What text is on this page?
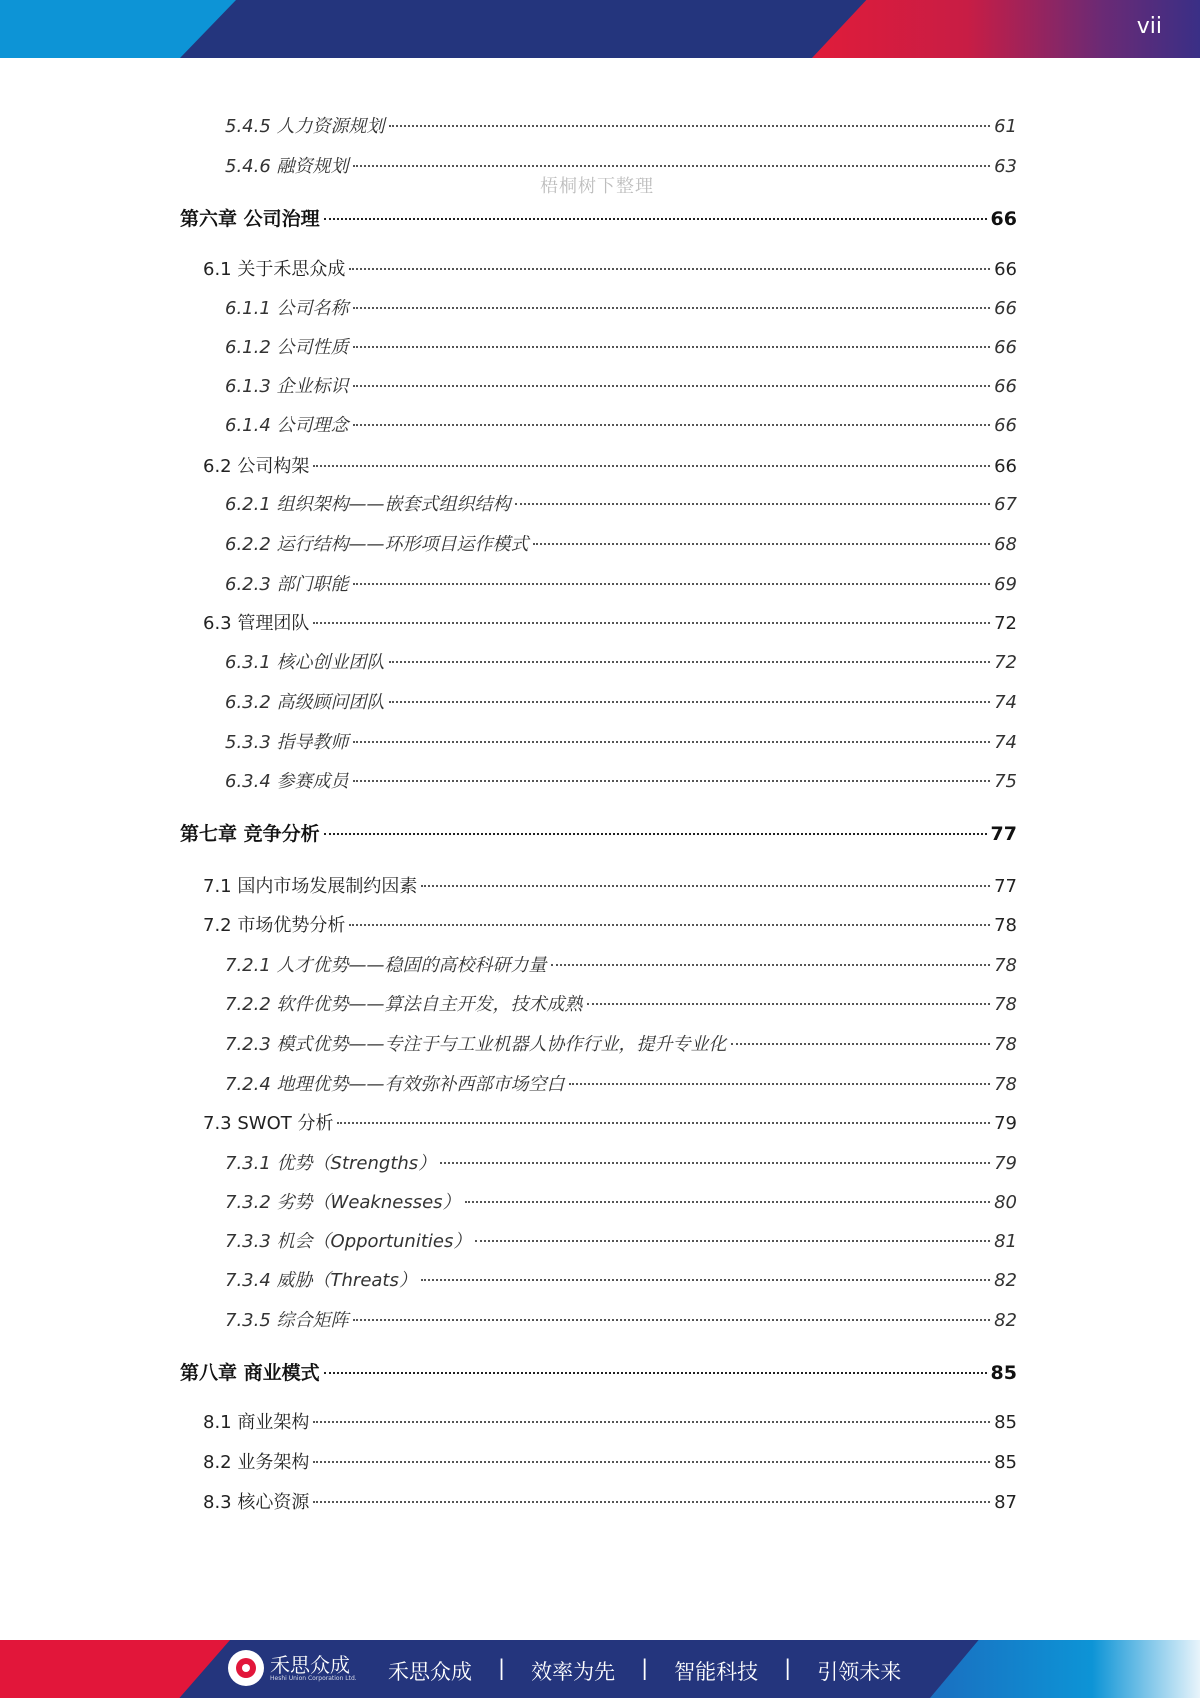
vii
梧桐树下整理
5.4.5 人力资源规划	61
5.4.6 融资规划	63
第六章 公司治理	66
6.1 关于禾思众成	66
6.1.1 公司名称	66
6.1.2 公司性质	66
6.1.3 企业标识	66
6.1.4 公司理念	66
6.2 公司构架	66
6.2.1 组织架构——嵌套式组织结构	67
6.2.2 运行结构——环形项目运作模式	68
6.2.3 部门职能	69
6.3 管理团队	72
6.3.1 核心创业团队	72
6.3.2 高级顾问团队	74
5.3.3 指导教师	74
6.3.4 参赛成员	75
第七章 竞争分析	77
7.1 国内市场发展制约因素	77
7.2 市场优势分析	78
7.2.1 人才优势——稳固的高校科研力量	78
7.2.2 软件优势——算法自主开发，技术成熟	78
7.2.3 模式优势——专注于与工业机器人协作行业，提升专业化	78
7.2.4 地理优势——有效弥补西部市场空白	78
7.3 SWOT 分析	79
7.3.1 优势（Strengths）	79
7.3.2 劣势（Weaknesses）	80
7.3.3 机会（Opportunities）	81
7.3.4 威胁（Threats）	82
7.3.5 综合矩阵	82
第八章 商业模式	85
8.1 商业架构	85
8.2 业务架构	85
8.3 核心资源	87
禾思众成
Heshi Union Corporation Ltd. 禾思众成 | 效率为先 | 智能科技 | 引领未来
